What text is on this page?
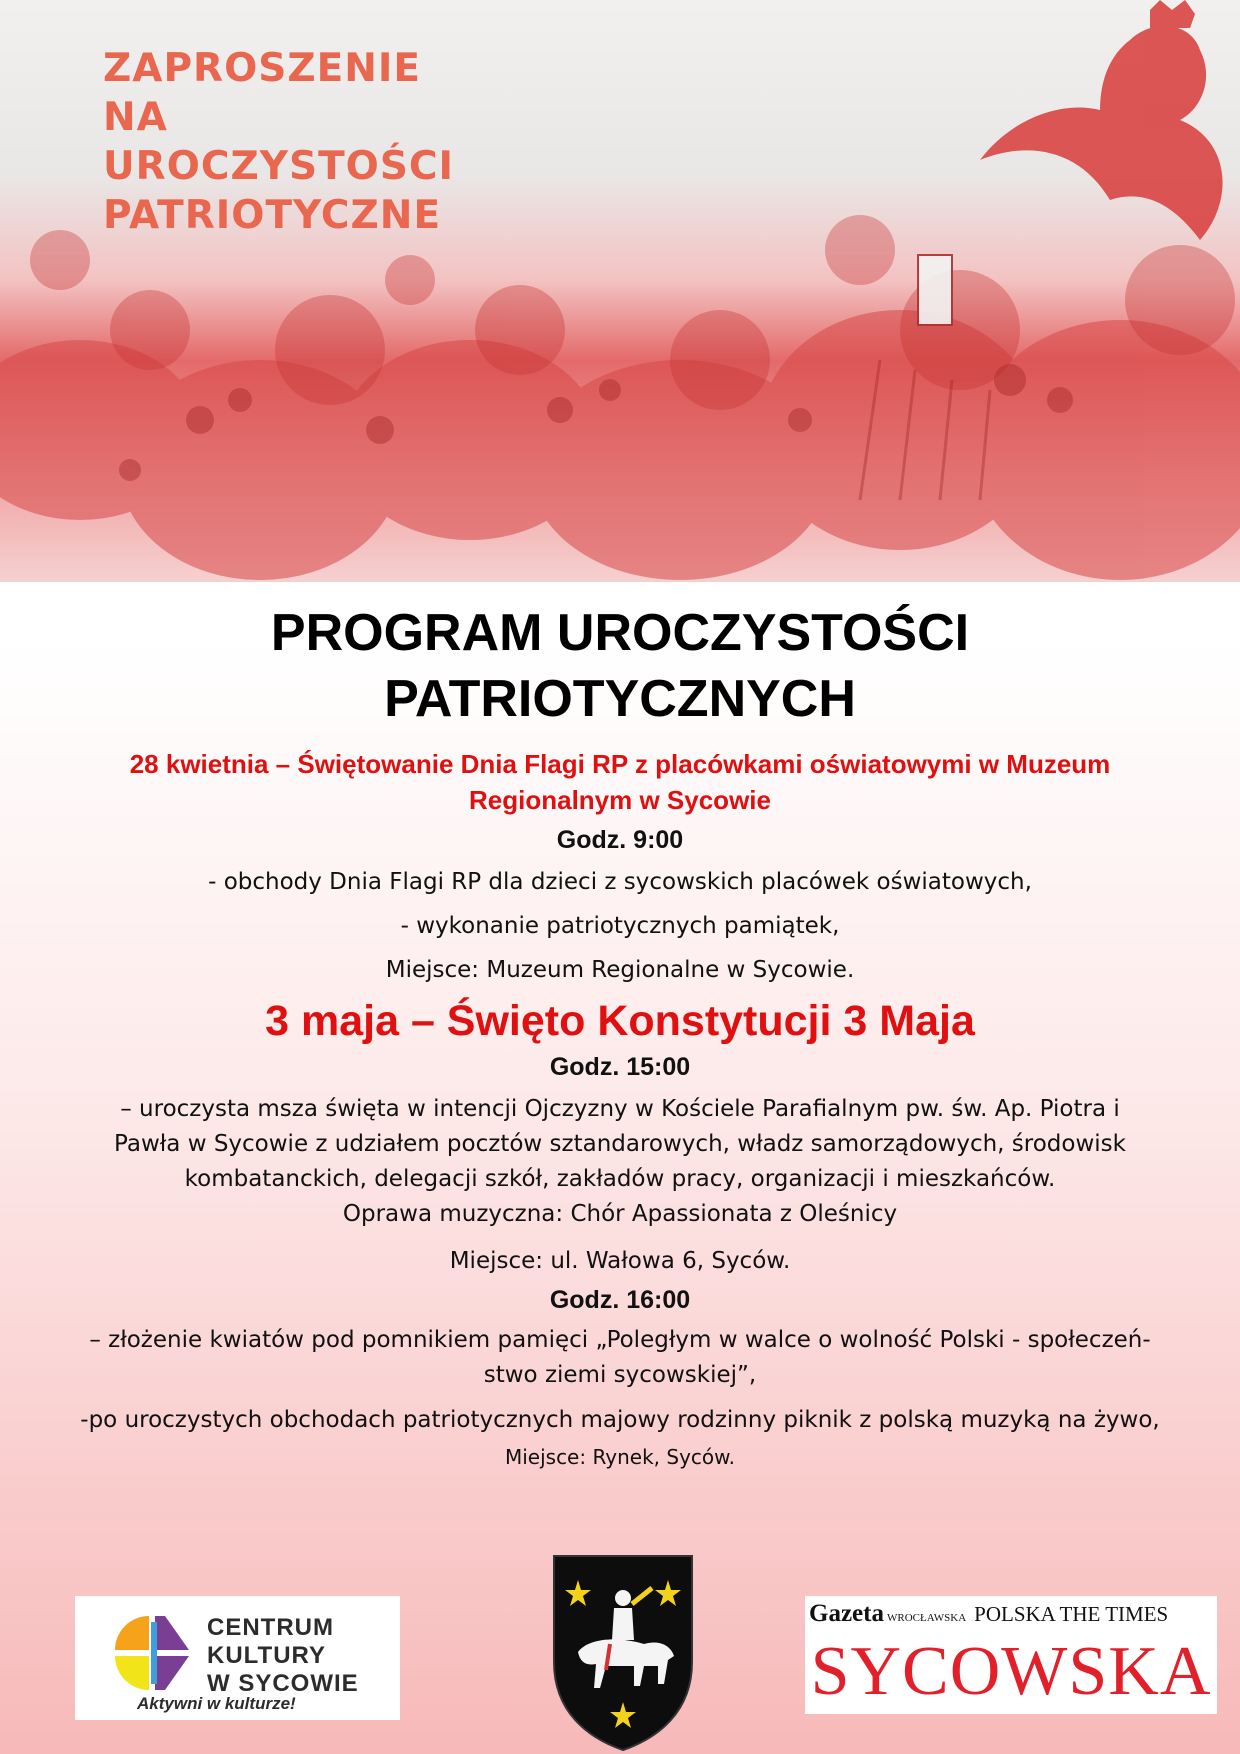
ZAPROSZENIE
NA
UROCZYSTOŚCI
PATRIOTYCZNE
PROGRAM UROCZYSTOŚCI
PATRIOTYCZNYCH
28 kwietnia – Świętowanie Dnia Flagi RP z placówkami oświatowymi w Muzeum
Regionalnym w Sycowie
Godz. 9:00
- obchody Dnia Flagi RP dla dzieci z sycowskich placówek oświatowych,
- wykonanie patriotycznych pamiątek,
Miejsce: Muzeum Regionalne w Sycowie.
3 maja – Święto Konstytucji 3 Maja
Godz. 15:00
– uroczysta msza święta w intencji Ojczyzny w Kościele Parafialnym pw. św. Ap. Piotra i
Pawła w Sycowie z udziałem pocztów sztandarowych, władz samorządowych, środowisk
kombatanckich, delegacji szkół, zakładów pracy, organizacji i mieszkańców.
Oprawa muzyczna: Chór Apassionata z Oleśnicy
Miejsce: ul. Wałowa 6, Syców.
Godz. 16:00
– złożenie kwiatów pod pomnikiem pamięci „Poległym w walce o wolność Polski - społeczeń-
stwo ziemi sycowskiej”,
-po uroczystych obchodach patriotycznych majowy rodzinny piknik z polską muzyką na żywo,
Miejsce: Rynek, Syców.
CENTRUM
KULTURY
W SYCOWIE
Aktywni w kulturze!
Gazeta WROCŁAWSKA POLSKA THE TIMES
SYCOWSKA
